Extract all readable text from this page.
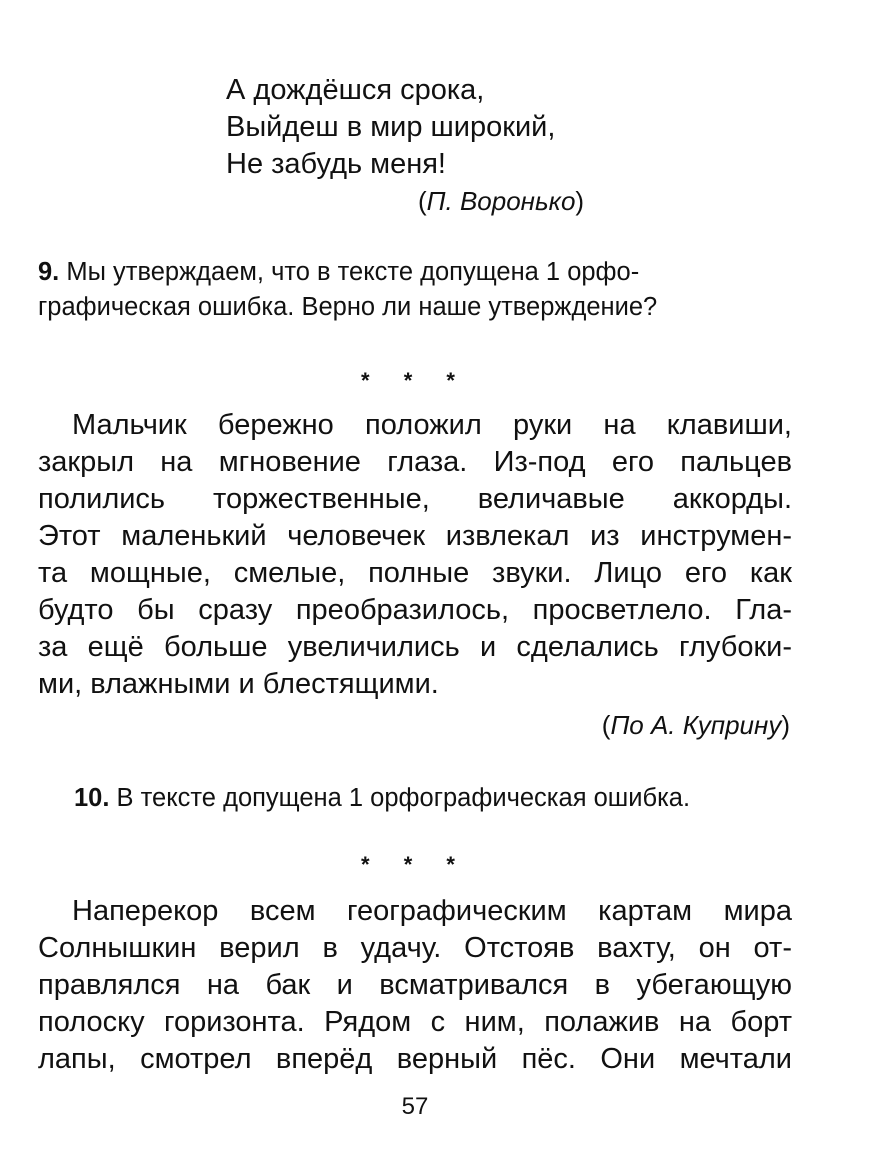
А дождёшся срока,
Выйдеш в мир широкий,
Не забудь меня!
(П. Воронько)
9. Мы утверждаем, что в тексте допущена 1 орфо-
графическая ошибка. Верно ли наше утверждение?
* * *
Мальчик бережно положил руки на клавиши,
закрыл на мгновение глаза. Из-под его пальцев
полились торжественные, величавые аккорды.
Этот маленький человечек извлекал из инструмен-
та мощные, смелые, полные звуки. Лицо его как
будто бы сразу преобразилось, просветлело. Гла-
за ещё больше увеличились и сделались глубоки-
ми, влажными и блестящими.
(По А. Куприну)
10. В тексте допущена 1 орфографическая ошибка.
* * *
Наперекор всем географическим картам мира
Солнышкин верил в удачу. Отстояв вахту, он от-
правлялся на бак и всматривался в убегающую
полоску горизонта. Рядом с ним, полажив на борт
лапы, смотрел вперёд верный пёс. Они мечтали
57
